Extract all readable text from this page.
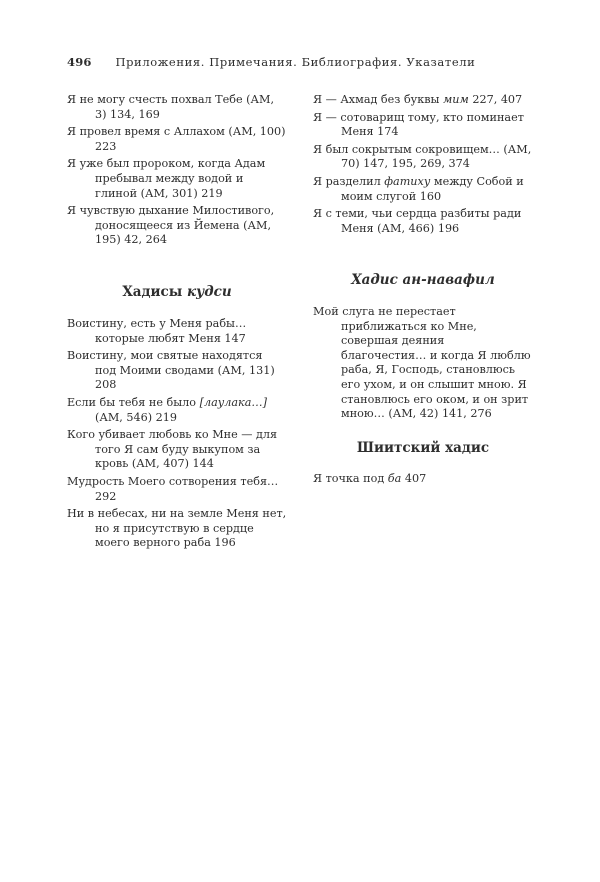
496 Приложения. Примечания. Библиография. Указатели
Я не могу счесть похвал Тебе (АМ, 3) 134, 169
Я провел время с Аллахом (АМ, 100) 223
Я уже был пророком, когда Адам пребывал между водой и глиной (АМ, 301) 219
Я чувствую дыхание Милостивого, доносящееся из Йемена (АМ, 195) 42, 264
Я — Ахмад без буквы мим 227, 407
Я — сотоварищ тому, кто поминает Меня 174
Я был сокрытым сокровищем… (АМ, 70) 147, 195, 269, 374
Я разделил фатиху между Собой и моим слугой 160
Я с теми, чьи сердца разбиты ради Меня (АМ, 466) 196
Хадисы кудси
Воистину, есть у Меня рабы… которые любят Меня 147
Воистину, мои святые находятся под Моими сводами (АМ, 131) 208
Если бы тебя не было [лаулака…] (АМ, 546) 219
Кого убивает любовь ко Мне — для того Я сам буду выкупом за кровь (АМ, 407) 144
Мудрость Моего сотворения тебя… 292
Ни в небесах, ни на земле Меня нет, но я присутствую в сердце моего верного раба 196
Хадис ан-навафил
Мой слуга не перестает приближаться ко Мне, совершая деяния благочестия… и когда Я люблю раба, Я, Господь, становлюсь его ухом, и он слышит мною. Я становлюсь его оком, и он зрит мною… (АМ, 42) 141, 276
Шиитский хадис
Я точка под ба 407
